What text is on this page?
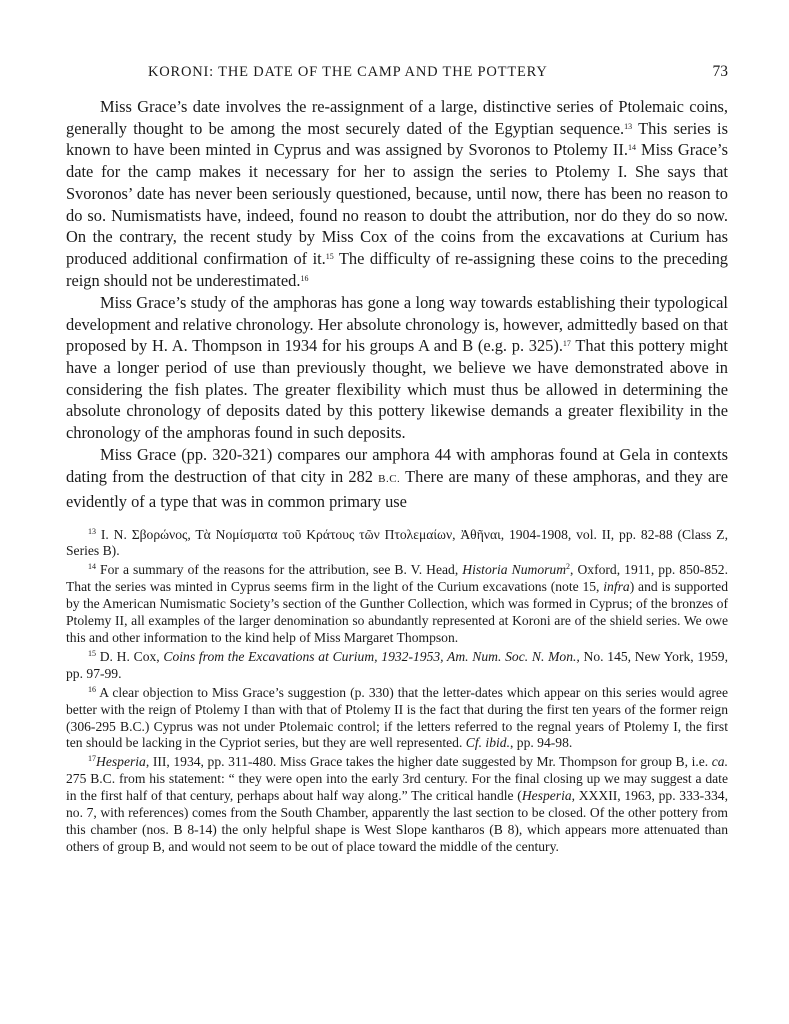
KORONI: THE DATE OF THE CAMP AND THE POTTERY	73

Miss Grace’s date involves the re-assignment of a large, distinctive series of Ptolemaic coins, generally thought to be among the most securely dated of the Egyptian sequence.$^{13}$ This series is known to have been minted in Cyprus and was assigned by Svoronos to Ptolemy II.$^{14}$ Miss Grace’s date for the camp makes it necessary for her to assign the series to Ptolemy I. She says that Svoronos’ date has never been seriously questioned, because, until now, there has been no reason to do so. Numismatists have, indeed, found no reason to doubt the attribution, nor do they do so now. On the contrary, the recent study by Miss Cox of the coins from the excavations at Curium has produced additional confirmation of it.$^{15}$ The difficulty of re-assigning these coins to the preceding reign should not be underestimated.$^{16}$

Miss Grace’s study of the amphoras has gone a long way towards establishing their typological development and relative chronology. Her absolute chronology is, however, admittedly based on that proposed by H. A. Thompson in 1934 for his groups A and B (e.g. p. 325).$^{17}$ That this pottery might have a longer period of use than previously thought, we believe we have demonstrated above in considering the fish plates. The greater flexibility which must thus be allowed in determining the absolute chronology of deposits dated by this pottery likewise demands a greater flexibility in the chronology of the amphoras found in such deposits.

Miss Grace (pp. 320-321) compares our amphora 44 with amphoras found at Gela in contexts dating from the destruction of that city in 282 B.C. There are many of these amphoras, and they are evidently of a type that was in common primary use

$^{13}$ I. N. Σβορώνος, Τὰ Νομίσματα τοῦ Κράτους τῶν Πτολεμαίων, Ἀθῆναι, 1904-1908, vol. II, pp. 82-88 (Class Z, Series B).

$^{14}$ For a summary of the reasons for the attribution, see B. V. Head, Historia Numorum$^2$, Oxford, 1911, pp. 850-852. That the series was minted in Cyprus seems firm in the light of the Curium excavations (note 15, infra) and is supported by the American Numismatic Society’s section of the Gunther Collection, which was formed in Cyprus; of the bronzes of Ptolemy II, all examples of the larger denomination so abundantly represented at Koroni are of the shield series. We owe this and other information to the kind help of Miss Margaret Thompson.

$^{15}$ D. H. Cox, Coins from the Excavations at Curium, 1932-1953, Am. Num. Soc. N. Mon., No. 145, New York, 1959, pp. 97-99.

$^{16}$ A clear objection to Miss Grace’s suggestion (p. 330) that the letter-dates which appear on this series would agree better with the reign of Ptolemy I than with that of Ptolemy II is the fact that during the first ten years of the former reign (306-295 B.C.) Cyprus was not under Ptolemaic control; if the letters referred to the regnal years of Ptolemy I, the first ten should be lacking in the Cypriot series, but they are well represented. Cf. ibid., pp. 94-98.

$^{17}$Hesperia, III, 1934, pp. 311-480. Miss Grace takes the higher date suggested by Mr. Thompson for group B, i.e. ca. 275 B.C. from his statement: “ they were open into the early 3rd century. For the final closing up we may suggest a date in the first half of that century, perhaps about half way along.” The critical handle (Hesperia, XXXII, 1963, pp. 333-334, no. 7, with references) comes from the South Chamber, apparently the last section to be closed. Of the other pottery from this chamber (nos. B 8-14) the only helpful shape is West Slope kantharos (B 8), which appears more attenuated than others of group B, and would not seem to be out of place toward the middle of the century.
